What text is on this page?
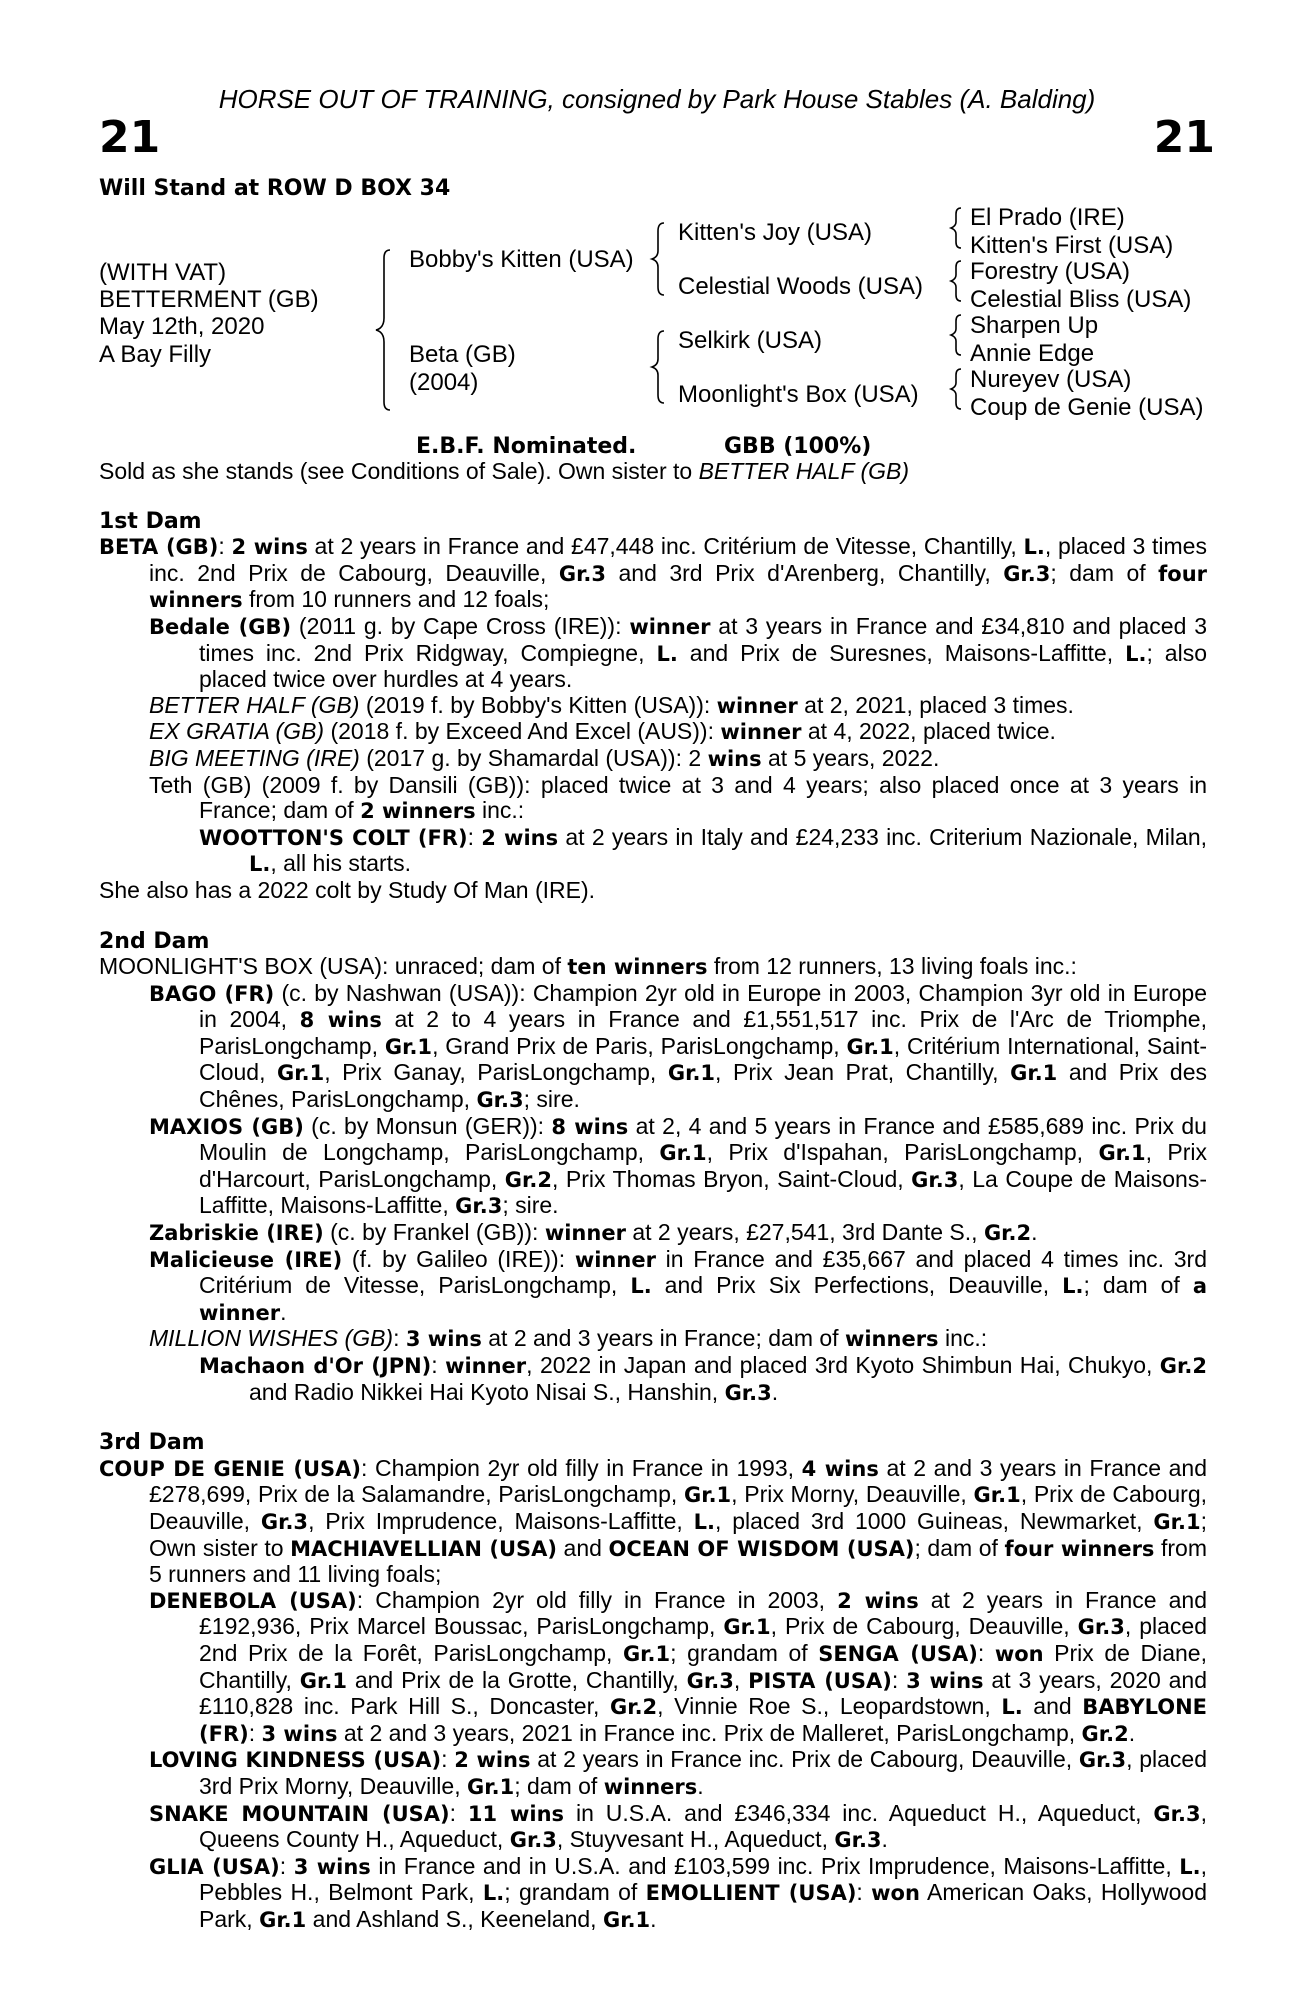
HORSE OUT OF TRAINING, consigned by Park House Stables (A. Balding)
21	21
Will Stand at ROW D BOX 34
(WITH VAT)
BETTERMENT (GB)
May 12th, 2020
A Bay Filly
Bobby's Kitten (USA)
Beta (GB)
(2004)
Kitten's Joy (USA)
Celestial Woods (USA)
Selkirk (USA)
Moonlight's Box (USA)
El Prado (IRE)
Kitten's First (USA)
Forestry (USA)
Celestial Bliss (USA)
Sharpen Up
Annie Edge
Nureyev (USA)
Coup de Genie (USA)
E.B.F. Nominated.	GBB (100%)

Sold as she stands (see Conditions of Sale). Own sister to BETTER HALF (GB)

1st Dam

BETA (GB): 2 wins at 2 years in France and £47,448 inc. Critérium de Vitesse, Chantilly, L., placed 3 times inc. 2nd Prix de Cabourg, Deauville, Gr.3 and 3rd Prix d'Arenberg, Chantilly, Gr.3; dam of four winners from 10 runners and 12 foals;

Bedale (GB) (2011 g. by Cape Cross (IRE)): winner at 3 years in France and £34,810 and placed 3 times inc. 2nd Prix Ridgway, Compiegne, L. and Prix de Suresnes, Maisons-Laffitte, L.; also placed twice over hurdles at 4 years.

BETTER HALF (GB) (2019 f. by Bobby's Kitten (USA)): winner at 2, 2021, placed 3 times.

EX GRATIA (GB) (2018 f. by Exceed And Excel (AUS)): winner at 4, 2022, placed twice.

BIG MEETING (IRE) (2017 g. by Shamardal (USA)): 2 wins at 5 years, 2022.

Teth (GB) (2009 f. by Dansili (GB)): placed twice at 3 and 4 years; also placed once at 3 years in France; dam of 2 winners inc.:

WOOTTON'S COLT (FR): 2 wins at 2 years in Italy and £24,233 inc. Criterium Nazionale, Milan, L., all his starts.

She also has a 2022 colt by Study Of Man (IRE).

2nd Dam

MOONLIGHT'S BOX (USA): unraced; dam of ten winners from 12 runners, 13 living foals inc.:

BAGO (FR) (c. by Nashwan (USA)): Champion 2yr old in Europe in 2003, Champion 3yr old in Europe in 2004, 8 wins at 2 to 4 years in France and £1,551,517 inc. Prix de l'Arc de Triomphe, ParisLongchamp, Gr.1, Grand Prix de Paris, ParisLongchamp, Gr.1, Critérium International, Saint-Cloud, Gr.1, Prix Ganay, ParisLongchamp, Gr.1, Prix Jean Prat, Chantilly, Gr.1 and Prix des Chênes, ParisLongchamp, Gr.3; sire.

MAXIOS (GB) (c. by Monsun (GER)): 8 wins at 2, 4 and 5 years in France and £585,689 inc. Prix du Moulin de Longchamp, ParisLongchamp, Gr.1, Prix d'Ispahan, ParisLongchamp, Gr.1, Prix d'Harcourt, ParisLongchamp, Gr.2, Prix Thomas Bryon, Saint-Cloud, Gr.3, La Coupe de Maisons-Laffitte, Maisons-Laffitte, Gr.3; sire.

Zabriskie (IRE) (c. by Frankel (GB)): winner at 2 years, £27,541, 3rd Dante S., Gr.2.

Malicieuse (IRE) (f. by Galileo (IRE)): winner in France and £35,667 and placed 4 times inc. 3rd Critérium de Vitesse, ParisLongchamp, L. and Prix Six Perfections, Deauville, L.; dam of a winner.

MILLION WISHES (GB): 3 wins at 2 and 3 years in France; dam of winners inc.:

Machaon d'Or (JPN): winner, 2022 in Japan and placed 3rd Kyoto Shimbun Hai, Chukyo, Gr.2 and Radio Nikkei Hai Kyoto Nisai S., Hanshin, Gr.3.

3rd Dam

COUP DE GENIE (USA): Champion 2yr old filly in France in 1993, 4 wins at 2 and 3 years in France and £278,699, Prix de la Salamandre, ParisLongchamp, Gr.1, Prix Morny, Deauville, Gr.1, Prix de Cabourg, Deauville, Gr.3, Prix Imprudence, Maisons-Laffitte, L., placed 3rd 1000 Guineas, Newmarket, Gr.1; Own sister to MACHIAVELLIAN (USA) and OCEAN OF WISDOM (USA); dam of four winners from 5 runners and 11 living foals;

DENEBOLA (USA): Champion 2yr old filly in France in 2003, 2 wins at 2 years in France and £192,936, Prix Marcel Boussac, ParisLongchamp, Gr.1, Prix de Cabourg, Deauville, Gr.3, placed 2nd Prix de la Forêt, ParisLongchamp, Gr.1; grandam of SENGA (USA): won Prix de Diane, Chantilly, Gr.1 and Prix de la Grotte, Chantilly, Gr.3, PISTA (USA): 3 wins at 3 years, 2020 and £110,828 inc. Park Hill S., Doncaster, Gr.2, Vinnie Roe S., Leopardstown, L. and BABYLONE (FR): 3 wins at 2 and 3 years, 2021 in France inc. Prix de Malleret, ParisLongchamp, Gr.2.

LOVING KINDNESS (USA): 2 wins at 2 years in France inc. Prix de Cabourg, Deauville, Gr.3, placed 3rd Prix Morny, Deauville, Gr.1; dam of winners.

SNAKE MOUNTAIN (USA): 11 wins in U.S.A. and £346,334 inc. Aqueduct H., Aqueduct, Gr.3, Queens County H., Aqueduct, Gr.3, Stuyvesant H., Aqueduct, Gr.3.

GLIA (USA): 3 wins in France and in U.S.A. and £103,599 inc. Prix Imprudence, Maisons-Laffitte, L., Pebbles H., Belmont Park, L.; grandam of EMOLLIENT (USA): won American Oaks, Hollywood Park, Gr.1 and Ashland S., Keeneland, Gr.1.
